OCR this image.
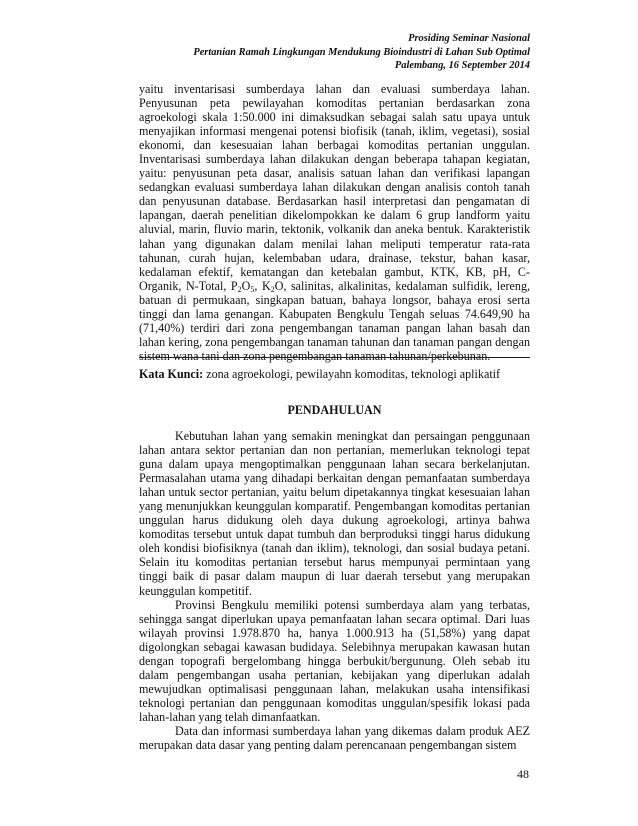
Prosiding Seminar Nasional
Pertanian Ramah Lingkungan Mendukung Bioindustri di Lahan Sub Optimal
Palembang, 16 September 2014
yaitu inventarisasi sumberdaya lahan dan evaluasi sumberdaya lahan. Penyusunan peta pewilayahan komoditas pertanian berdasarkan zona agroekologi skala 1:50.000 ini dimaksudkan sebagai salah satu upaya untuk menyajikan informasi mengenai potensi biofisik (tanah, iklim, vegetasi), sosial ekonomi, dan kesesuaian lahan berbagai komoditas pertanian unggulan. Inventarisasi sumberdaya lahan dilakukan dengan beberapa tahapan kegiatan, yaitu: penyusunan peta dasar, analisis satuan lahan dan verifikasi lapangan sedangkan evaluasi sumberdaya lahan dilakukan dengan analisis contoh tanah dan penyusunan database. Berdasarkan hasil interpretasi dan pengamatan di lapangan, daerah penelitian dikelompokkan ke dalam 6 grup landform yaitu aluvial, marin, fluvio marin, tektonik, volkanik dan aneka bentuk. Karakteristik lahan yang digunakan dalam menilai lahan meliputi temperatur rata-rata tahunan, curah hujan, kelembaban udara, drainase, tekstur, bahan kasar, kedalaman efektif, kematangan dan ketebalan gambut, KTK, KB, pH, C-Organik, N-Total, $P_2O_5$, $K_2O$, salinitas, alkalinitas, kedalaman sulfidik, lereng, batuan di permukaan, singkapan batuan, bahaya longsor, bahaya erosi serta tinggi dan lama genangan. Kabupaten Bengkulu Tengah seluas 74.649,90 ha (71,40%) terdiri dari zona pengembangan tanaman pangan lahan basah dan lahan kering, zona pengembangan tanaman tahunan dan tanaman pangan dengan sistem wana tani dan zona pengembangan tanaman tahunan/perkebunan.
Kata Kunci: zona agroekologi, pewilayahn komoditas, teknologi aplikatif
PENDAHULUAN

Kebutuhan lahan yang semakin meningkat dan persaingan penggunaan lahan antara sektor pertanian dan non pertanian, memerlukan teknologi tepat guna dalam upaya mengoptimalkan penggunaan lahan secara berkelanjutan. Permasalahan utama yang dihadapi berkaitan dengan pemanfaatan sumberdaya lahan untuk sector pertanian, yaitu belum dipetakannya tingkat kesesuaian lahan yang menunjukkan keunggulan komparatif. Pengembangan komoditas pertanian unggulan harus didukung oleh daya dukung agroekologi, artinya bahwa komoditas tersebut untuk dapat tumbuh dan berproduksi tinggi harus didukung oleh kondisi biofisiknya (tanah dan iklim), teknologi, dan sosial budaya petani. Selain itu komoditas pertanian tersebut harus mempunyai permintaan yang tinggi baik di pasar dalam maupun di luar daerah tersebut yang merupakan keunggulan kompetitif.

Provinsi Bengkulu memiliki potensi sumberdaya alam yang terbatas, sehingga sangat diperlukan upaya pemanfaatan lahan secara optimal. Dari luas wilayah provinsi 1.978.870 ha, hanya 1.000.913 ha (51,58%) yang dapat digolongkan sebagai kawasan budidaya. Selebihnya merupakan kawasan hutan dengan topografi bergelombang hingga berbukit/bergunung. Oleh sebab itu dalam pengembangan usaha pertanian, kebijakan yang diperlukan adalah mewujudkan optimalisasi penggunaan lahan, melakukan usaha intensifikasi teknologi pertanian dan penggunaan komoditas unggulan/spesifik lokasi pada lahan-lahan yang telah dimanfaatkan.

Data dan informasi sumberdaya lahan yang dikemas dalam produk AEZ merupakan data dasar yang penting dalam perencanaan pengembangan sistem

48
